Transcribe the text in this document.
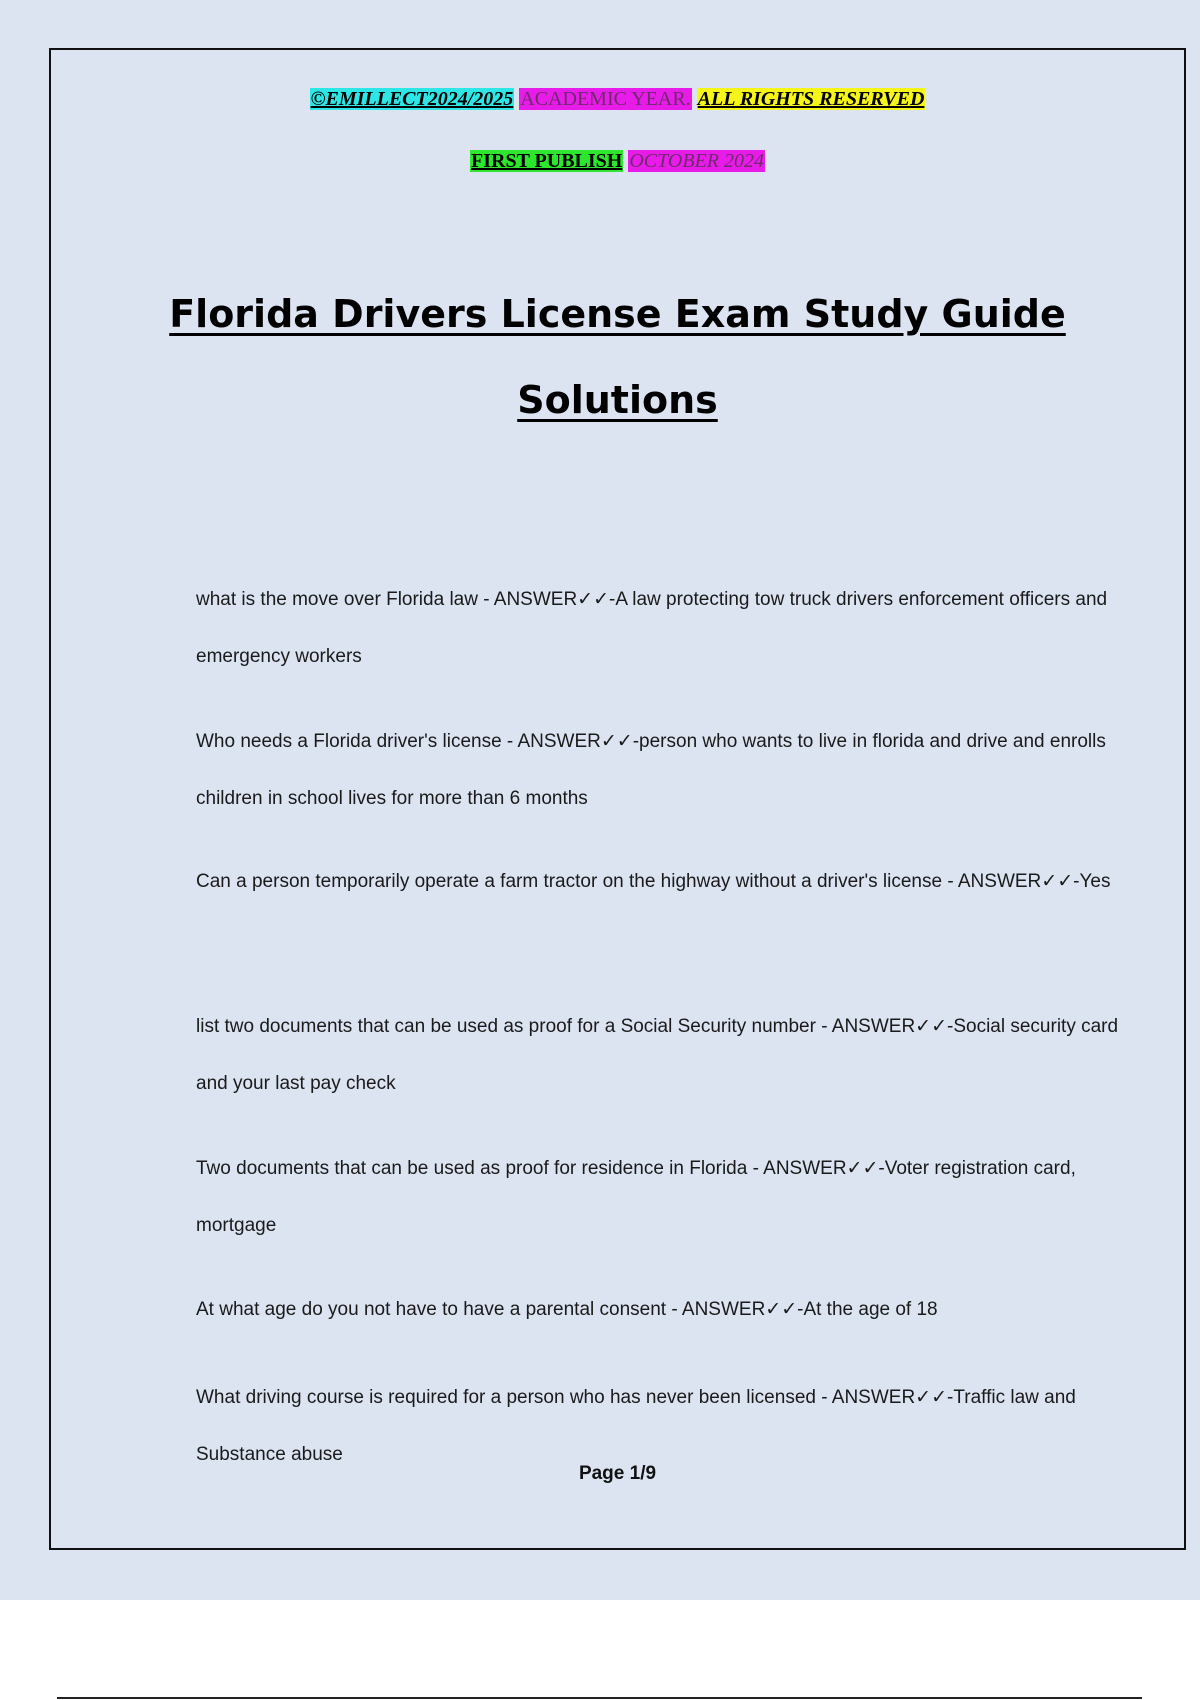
©EMILLECT2024/2025 ACADEMIC YEAR. ALL RIGHTS RESERVED
FIRST PUBLISH OCTOBER 2024
Florida Drivers License Exam Study Guide
Solutions
what is the move over Florida law - ANSWER✓✓-A law protecting tow truck drivers enforcement officers and emergency workers
Who needs a Florida driver's license - ANSWER✓✓-person who wants to live in florida and drive and enrolls children in school lives for more than 6 months
Can a person temporarily operate a farm tractor on the highway without a driver's license - ANSWER✓✓-Yes
list two documents that can be used as proof for a Social Security number - ANSWER✓✓-Social security card and your last pay check
Two documents that can be used as proof for residence in Florida - ANSWER✓✓-Voter registration card, mortgage
At what age do you not have to have a parental consent - ANSWER✓✓-At the age of 18
What driving course is required for a person who has never been licensed - ANSWER✓✓-Traffic law and Substance abuse
Page 1/9
